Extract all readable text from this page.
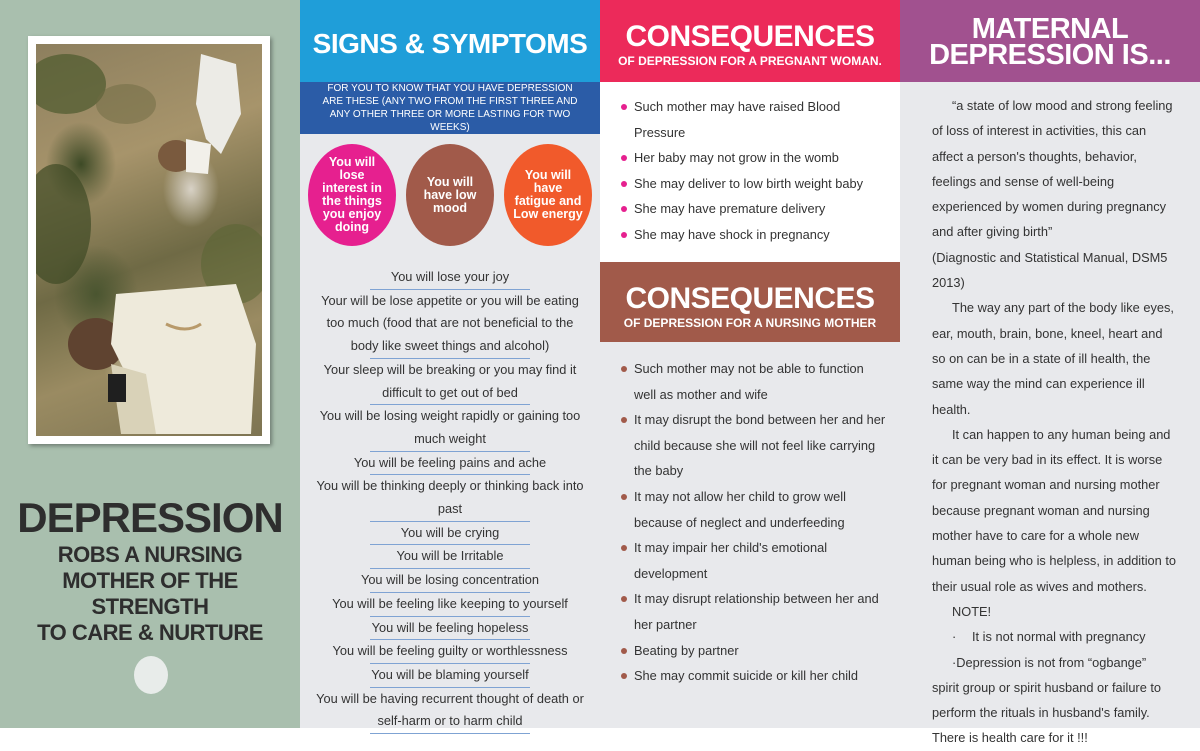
DEPRESSION
ROBS A NURSING
MOTHER OF THE
STRENGTH
TO CARE & NURTURE
SIGNS & SYMPTOMS
FOR YOU TO KNOW THAT YOU HAVE DEPRESSION ARE THESE (ANY TWO FROM THE FIRST THREE AND ANY OTHER THREE OR MORE LASTING FOR TWO WEEKS)
You will lose interest in the things you enjoy doing
You will have low mood
You will have fatigue and Low energy
You will lose your joy
Your will be lose appetite or you will be eating too much (food that are not beneficial to the body like sweet things and alcohol)
Your sleep will be breaking or you may find it difficult to get out of bed
You will be losing weight rapidly or gaining too much weight
You will be feeling pains and ache
You will be thinking deeply or thinking back into past
You will be crying
You will be Irritable
You will be losing concentration
You will be feeling like keeping to yourself
You will be feeling hopeless
You will be feeling guilty or worthlessness
You will be blaming yourself
You will be having recurrent thought of death or self-harm or to harm child
CONSEQUENCES
OF DEPRESSION FOR A PREGNANT WOMAN.
Such mother may have raised Blood Pressure
Her baby may not grow in the womb
She may deliver to low birth weight baby
She may have premature delivery
She may have shock in pregnancy
CONSEQUENCES
OF DEPRESSION FOR A NURSING MOTHER
Such mother may not be able to function well as mother and wife
It may disrupt the bond between her and her child because she will not feel like carrying the baby
It may not allow her child to grow well because of neglect and underfeeding
It may impair her child's emotional development
It may disrupt relationship between her and her partner
Beating by partner
She may commit suicide or kill her child
MATERNAL
DEPRESSION IS...

“a state of low mood and strong feeling of loss of interest in activities, this can affect a person's thoughts, behavior, feelings and sense of well-being experienced by women during pregnancy and after giving birth”

(Diagnostic and Statistical Manual, DSM5 2013)

The way any part of the body like eyes, ear, mouth, brain, bone, kneel, heart and so on can be in a state of ill health, the same way the mind can experience ill health.

It can happen to any human being and it can be very bad in its effect. It is worse for pregnant woman and nursing mother because pregnant woman and nursing mother have to care for a whole new human being who is helpless, in addition to their usual role as wives and mothers.

NOTE!

· It is not normal with pregnancy

·Depression is not from “ogbange” spirit group or spirit husband or failure to perform the rituals in husband's family. There is health care for it !!!
